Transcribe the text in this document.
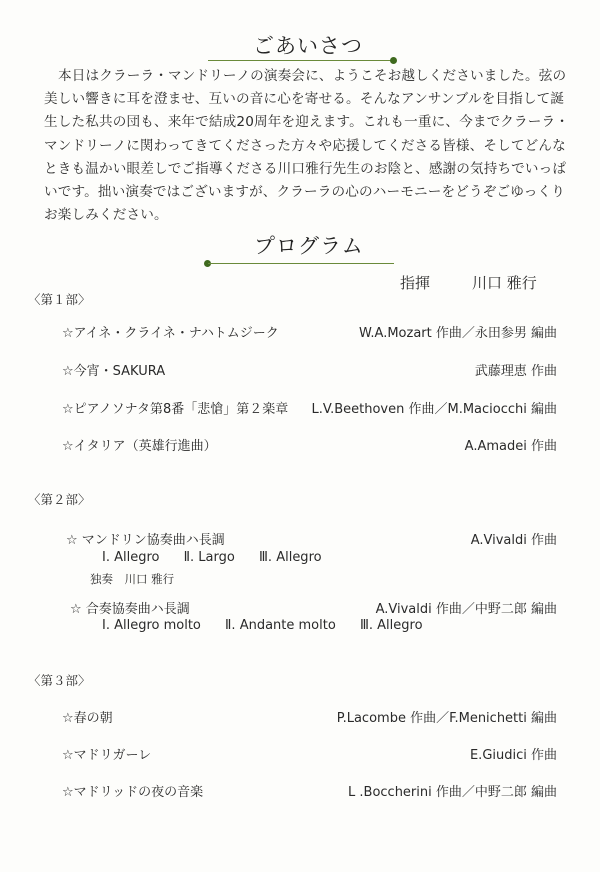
ごあいさつ
本日はクラーラ・マンドリーノの演奏会に、ようこそお越しくださいました。弦の
美しい響きに耳を澄ませ、互いの音に心を寄せる。そんなアンサンブルを目指して誕
生した私共の団も、来年で結成20周年を迎えます。これも一重に、今までクラーラ・
マンドリーノに関わってきてくださった方々や応援してくださる皆様、そしてどんな
ときも温かい眼差しでご指導くださる川口雅行先生のお陰と、感謝の気持ちでいっぱ
いです。拙い演奏ではございますが、クラーラの心のハーモニーをどうぞごゆっくり
お楽しみください。
プログラム
指揮	川口 雅行
〈第１部〉
☆アイネ・クライネ・ナハトムジーク	W.A.Mozart 作曲／永田参男 編曲
☆今宵・SAKURA	武藤理恵 作曲
☆ピアノソナタ第8番「悲愴」第２楽章 L.V.Beethoven 作曲／M.Maciocchi 編曲
☆イタリア（英雄行進曲）	A.Amadei 作曲
〈第２部〉
☆ マンドリン協奏曲ハ長調	A.Vivaldi 作曲
Ⅰ. Allegro Ⅱ. Largo Ⅲ. Allegro
独奏　川口 雅行
☆ 合奏協奏曲ハ長調	A.Vivaldi 作曲／中野二郎 編曲
Ⅰ. Allegro molto Ⅱ. Andante molto Ⅲ. Allegro
〈第３部〉
☆春の朝	P.Lacombe 作曲／F.Menichetti 編曲
☆マドリガーレ	E.Giudici 作曲
☆マドリッドの夜の音楽	L .Boccherini 作曲／中野二郎 編曲
